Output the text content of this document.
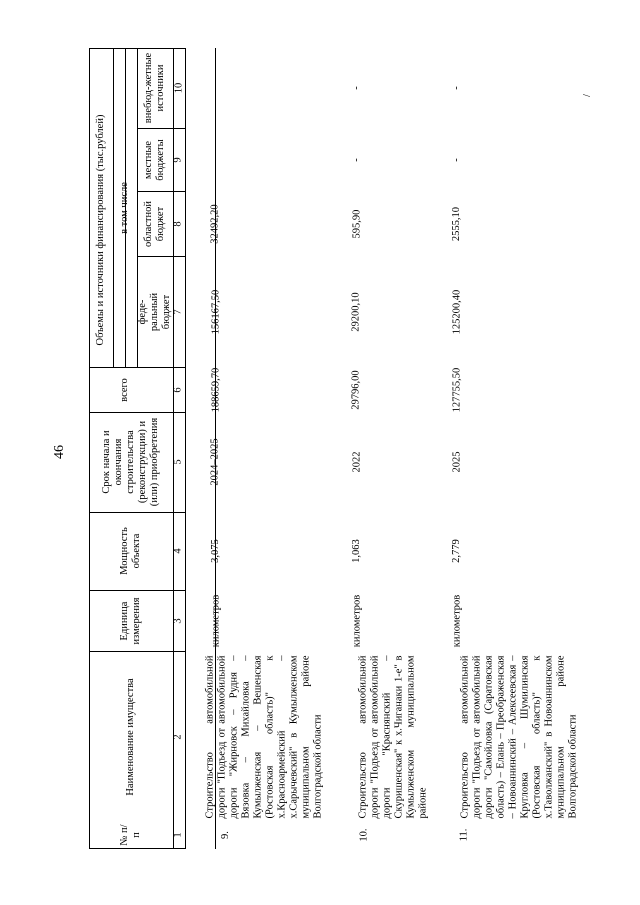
46
№ п/п
Наименование имущества
Единица измерения
Мощность объекта
Срок начала и окончания строительства (реконструкции) и (или) приобретения
Объемы и источники финансирования (тыс.рублей)
всего
в том числе
феде-ральный бюджет
областной бюджет
местные бюджеты
внебюд-жетные источники
1
2
3
4
5
6
7
8
9
10
9.
Строительство автомобильной дороги "Подъезд от автомобильной дороги "Жирновск – Рудня – Вязовка – Михайловка – Кумылженская – Вешенская (Ростовская область)" к х.Красноармейский – х.Сарычевский" в Кумылженском муниципальном районе Волгоградской области
километров
3,075
2024–2025
188659,70
156167,50
32492,20
-
-
10.
Строительство автомобильной дороги "Подъезд от автомобильной дороги "Краснянский – Скуришенская" к х.Чиганаки 1-е" в Кумылженском муниципальном районе
километров
1,063
2022
29796,00
29200,10
595,90
-
-
11.
Строительство автомобильной дороги "Подъезд от автомобильной дороги "Самойловка (Саратовская область) – Елань – Преображенская – Новоаннинский – Алексеевская – Кругловка – Шумилинская (Ростовская область)" к х.Таволжанский" в Новоаннинском муниципальном районе Волгоградской области
километров
2,779
2025
127755,50
125200,40
2555,10
-
-
/
